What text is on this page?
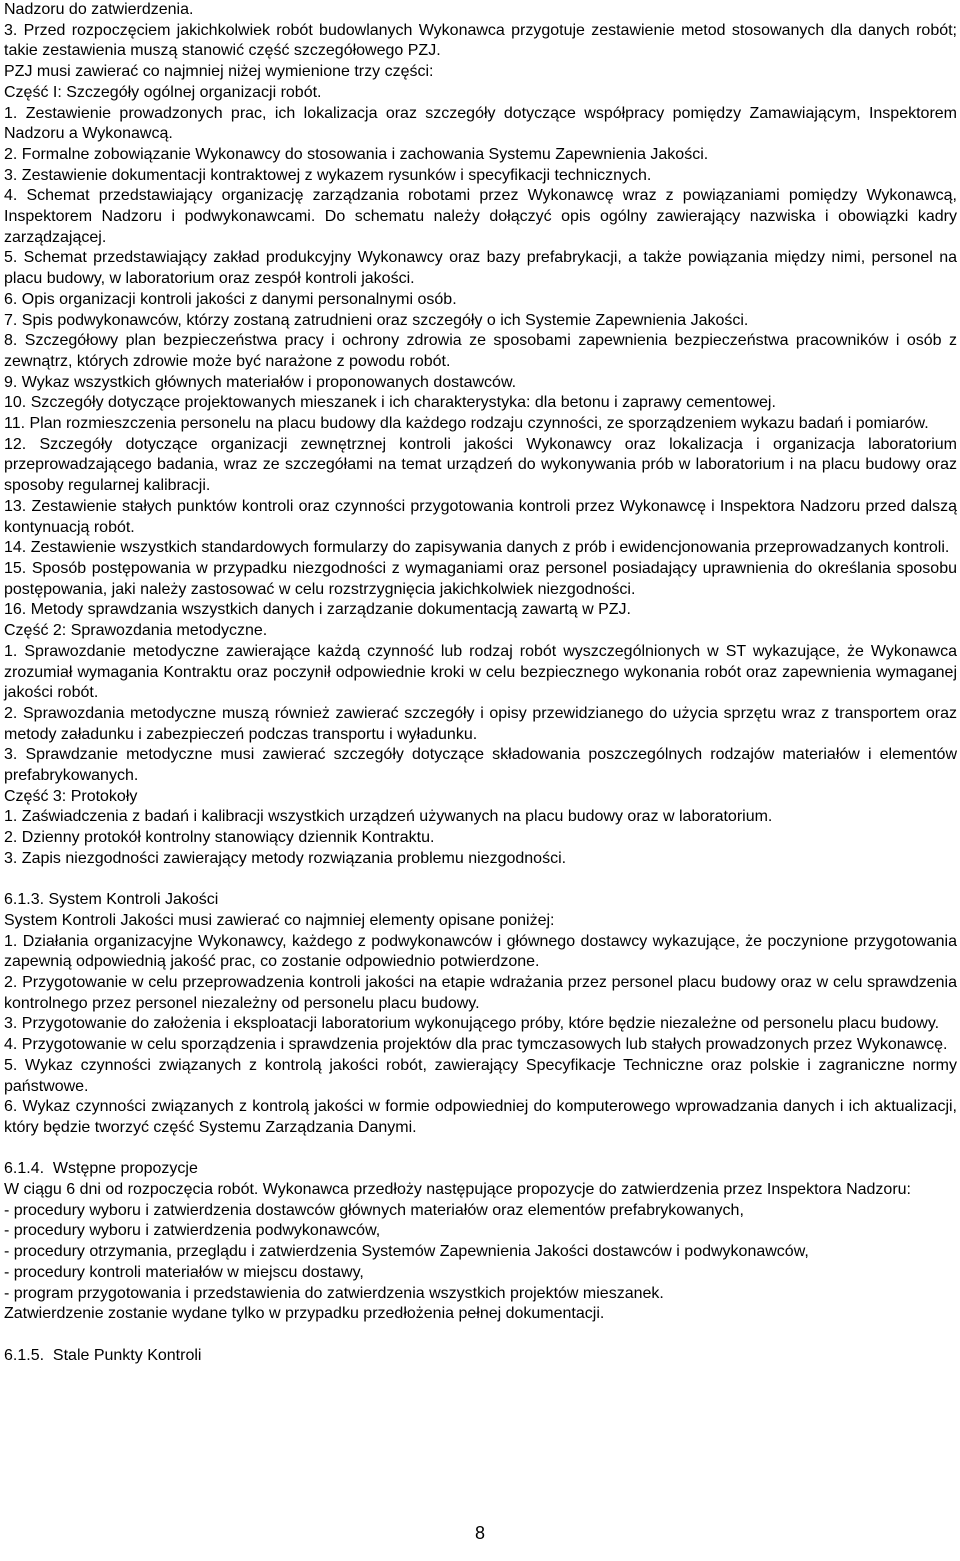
Nadzoru do zatwierdzenia.
3. Przed rozpoczęciem jakichkolwiek robót budowlanych Wykonawca przygotuje zestawienie metod stosowanych dla danych robót; takie zestawienia muszą stanowić część szczegółowego PZJ.
PZJ musi zawierać co najmniej niżej wymienione trzy części:
Część I: Szczegóły ogólnej organizacji robót.
1. Zestawienie prowadzonych prac, ich lokalizacja oraz szczegóły dotyczące współpracy pomiędzy Zamawiającym, Inspektorem Nadzoru a Wykonawcą.
2. Formalne zobowiązanie Wykonawcy do stosowania i zachowania Systemu Zapewnienia Jakości.
3. Zestawienie dokumentacji kontraktowej z wykazem rysunków i specyfikacji technicznych.
4. Schemat przedstawiający organizację zarządzania robotami przez Wykonawcę wraz z powiązaniami pomiędzy Wykonawcą, Inspektorem Nadzoru i podwykonawcami. Do schematu należy dołączyć opis ogólny zawierający nazwiska i obowiązki kadry zarządzającej.
5. Schemat przedstawiający zakład produkcyjny Wykonawcy oraz bazy prefabrykacji, a także powiązania między nimi, personel na placu budowy, w laboratorium oraz zespół kontroli jakości.
6. Opis organizacji kontroli jakości z danymi personalnymi osób.
7. Spis podwykonawców, którzy zostaną zatrudnieni oraz szczegóły o ich Systemie Zapewnienia Jakości.
8. Szczegółowy plan bezpieczeństwa pracy i ochrony zdrowia ze sposobami zapewnienia bezpieczeństwa pracowników i osób z zewnątrz, których zdrowie może być narażone z powodu robót.
9. Wykaz wszystkich głównych materiałów i proponowanych dostawców.
10. Szczegóły dotyczące projektowanych mieszanek i ich charakterystyka: dla betonu i zaprawy cementowej.
11. Plan rozmieszczenia personelu na placu budowy dla każdego rodzaju czynności, ze sporządzeniem wykazu badań i pomiarów.
12. Szczegóły dotyczące organizacji zewnętrznej kontroli jakości Wykonawcy oraz lokalizacja i organizacja laboratorium przeprowadzającego badania, wraz ze szczegółami na temat urządzeń do wykonywania prób w laboratorium i na placu budowy oraz sposoby regularnej kalibracji.
13. Zestawienie stałych punktów kontroli oraz czynności przygotowania kontroli przez Wykonawcę i Inspektora Nadzoru przed dalszą kontynuacją robót.
14. Zestawienie wszystkich standardowych formularzy do zapisywania danych z prób i ewidencjonowania przeprowadzanych kontroli.
15. Sposób postępowania w przypadku niezgodności z wymaganiami oraz personel posiadający uprawnienia do określania sposobu postępowania, jaki należy zastosować w celu rozstrzygnięcia jakichkolwiek niezgodności.
16. Metody sprawdzania wszystkich danych i zarządzanie dokumentacją zawartą w PZJ.
Część 2: Sprawozdania metodyczne.
1. Sprawozdanie metodyczne zawierające każdą czynność lub rodzaj robót wyszczególnionych w ST wykazujące, że Wykonawca zrozumiał wymagania Kontraktu oraz poczynił odpowiednie kroki w celu bezpiecznego wykonania robót oraz zapewnienia wymaganej jakości robót.
2. Sprawozdania metodyczne muszą również zawierać szczegóły i opisy przewidzianego do użycia sprzętu wraz z transportem oraz metody załadunku i zabezpieczeń podczas transportu i wyładunku.
3. Sprawdzanie metodyczne musi zawierać szczegóły dotyczące składowania poszczególnych rodzajów materiałów i elementów prefabrykowanych.
Część 3: Protokoły
1. Zaświadczenia z badań i kalibracji wszystkich urządzeń używanych na placu budowy oraz w laboratorium.
2. Dzienny protokół kontrolny stanowiący dziennik Kontraktu.
3. Zapis niezgodności zawierający metody rozwiązania problemu niezgodności.
6.1.3. System Kontroli Jakości
System Kontroli Jakości musi zawierać co najmniej elementy opisane poniżej:
1. Działania organizacyjne Wykonawcy, każdego z podwykonawców i głównego dostawcy wykazujące, że poczynione przygotowania zapewnią odpowiednią jakość prac, co zostanie odpowiednio potwierdzone.
2. Przygotowanie w celu przeprowadzenia kontroli jakości na etapie wdrażania przez personel placu budowy oraz w celu sprawdzenia kontrolnego przez personel niezależny od personelu placu budowy.
3. Przygotowanie do założenia i eksploatacji laboratorium wykonującego próby, które będzie niezależne od personelu placu budowy.
4. Przygotowanie w celu sporządzenia i sprawdzenia projektów dla prac tymczasowych lub stałych prowadzonych przez Wykonawcę.
5. Wykaz czynności związanych z kontrolą jakości robót, zawierający Specyfikacje Techniczne oraz polskie i zagraniczne normy państwowe.
6. Wykaz czynności związanych z kontrolą jakości w formie odpowiedniej do komputerowego wprowadzania danych i ich aktualizacji, który będzie tworzyć część Systemu Zarządzania Danymi.
6.1.4.  Wstępne propozycje
W ciągu 6 dni od rozpoczęcia robót. Wykonawca przedłoży następujące propozycje do zatwierdzenia przez Inspektora Nadzoru:
- procedury wyboru i zatwierdzenia dostawców głównych materiałów oraz elementów prefabrykowanych,
- procedury wyboru i zatwierdzenia podwykonawców,
- procedury otrzymania, przeglądu i zatwierdzenia Systemów Zapewnienia Jakości dostawców i podwykonawców,
- procedury kontroli materiałów w miejscu dostawy,
- program przygotowania i przedstawienia do zatwierdzenia wszystkich projektów mieszanek.
Zatwierdzenie zostanie wydane tylko w przypadku przedłożenia pełnej dokumentacji.
6.1.5.  Stale Punkty Kontroli
8
